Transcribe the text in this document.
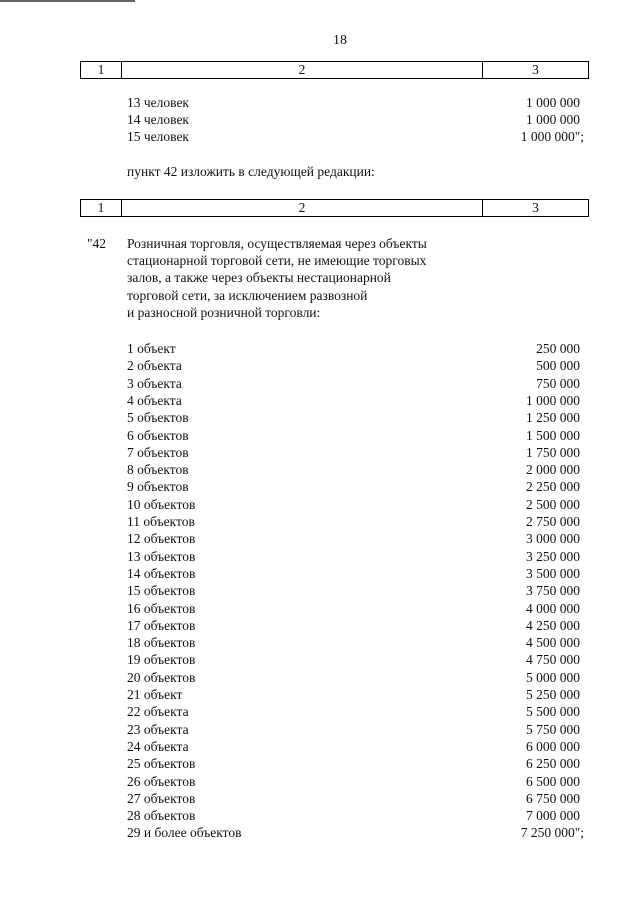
18
1	2	3
13 человек	1 000 000
14 человек	1 000 000
15 человек	1 000 000";
пункт 42 изложить в следующей редакции:
1	2	3
"42 Розничная торговля, осуществляемая через объекты
стационарной торговой сети, не имеющие торговых
залов, а также через объекты нестационарной
торговой сети, за исключением развозной
и разносной розничной торговли:
1 объект	250 000
2 объекта	500 000
3 объекта	750 000
4 объекта	1 000 000
5 объектов	1 250 000
6 объектов	1 500 000
7 объектов	1 750 000
8 объектов	2 000 000
9 объектов	2 250 000
10 объектов	2 500 000
11 объектов	2 750 000
12 объектов	3 000 000
13 объектов	3 250 000
14 объектов	3 500 000
15 объектов	3 750 000
16 объектов	4 000 000
17 объектов	4 250 000
18 объектов	4 500 000
19 объектов	4 750 000
20 объектов	5 000 000
21 объект	5 250 000
22 объекта	5 500 000
23 объекта	5 750 000
24 объекта	6 000 000
25 объектов	6 250 000
26 объектов	6 500 000
27 объектов	6 750 000
28 объектов	7 000 000
29 и более объектов	7 250 000";
